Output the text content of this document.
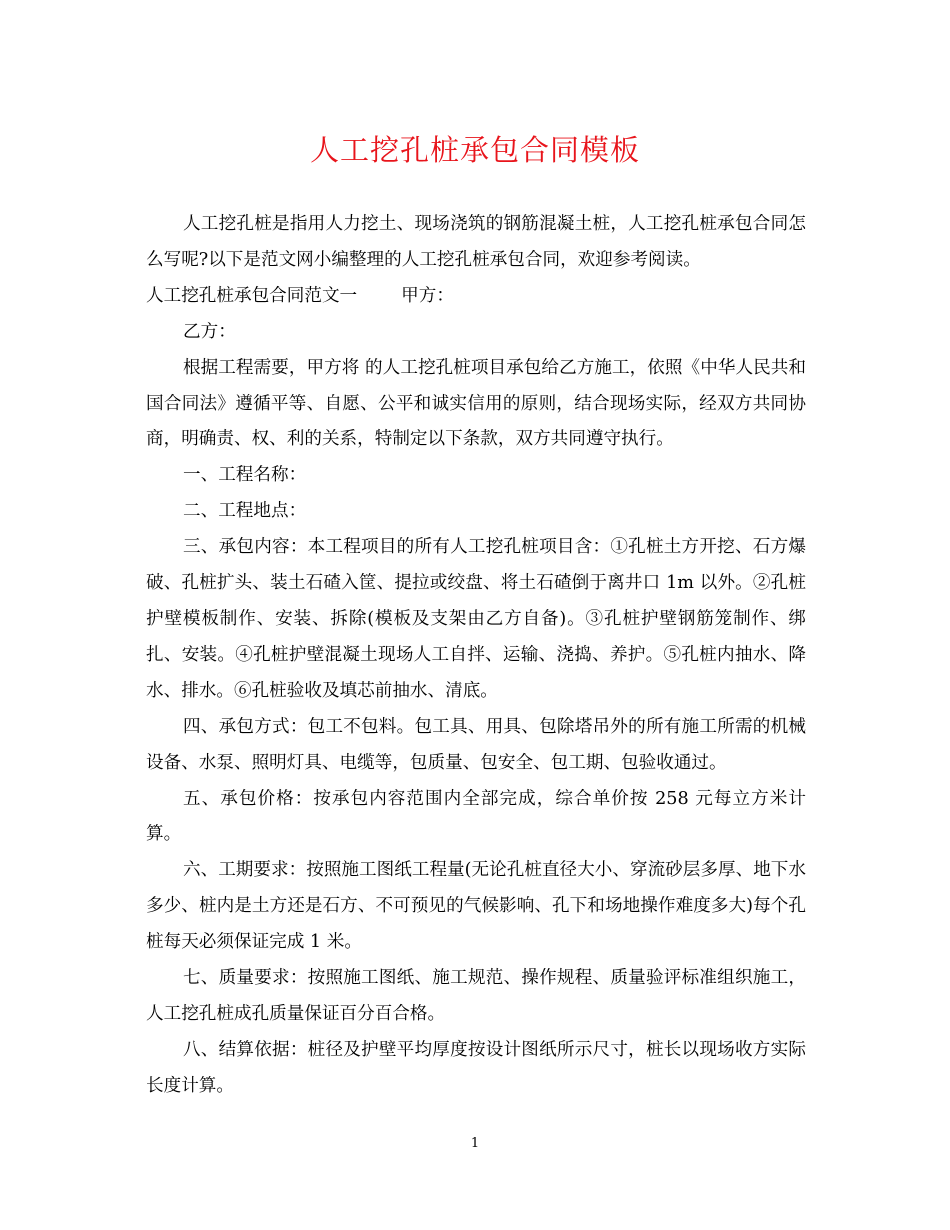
人工挖孔桩承包合同模板

人工挖孔桩是指用人力挖土、现场浇筑的钢筋混凝土桩，人工挖孔桩承包合同怎么写呢?以下是范文网小编整理的人工挖孔桩承包合同，欢迎参考阅读。

人工挖孔桩承包合同范文一	甲方：

乙方：

根据工程需要，甲方将 的人工挖孔桩项目承包给乙方施工，依照《中华人民共和国合同法》遵循平等、自愿、公平和诚实信用的原则，结合现场实际，经双方共同协商，明确责、权、利的关系，特制定以下条款，双方共同遵守执行。

一、工程名称：

二、工程地点：

三、承包内容：本工程项目的所有人工挖孔桩项目含：①孔桩土方开挖、石方爆破、孔桩扩头、装土石碴入筐、提拉或绞盘、将土石碴倒于离井口 1m 以外。②孔桩护壁模板制作、安装、拆除(模板及支架由乙方自备)。③孔桩护壁钢筋笼制作、绑扎、安装。④孔桩护壁混凝土现场人工自拌、运输、浇捣、养护。⑤孔桩内抽水、降水、排水。⑥孔桩验收及填芯前抽水、清底。

四、承包方式：包工不包料。包工具、用具、包除塔吊外的所有施工所需的机械设备、水泵、照明灯具、电缆等，包质量、包安全、包工期、包验收通过。

五、承包价格：按承包内容范围内全部完成，综合单价按 258 元每立方米计算。

六、工期要求：按照施工图纸工程量(无论孔桩直径大小、穿流砂层多厚、地下水多少、桩内是土方还是石方、不可预见的气候影响、孔下和场地操作难度多大)每个孔桩每天必须保证完成 1 米。

七、质量要求：按照施工图纸、施工规范、操作规程、质量验评标准组织施工，人工挖孔桩成孔质量保证百分百合格。

八、结算依据：桩径及护壁平均厚度按设计图纸所示尺寸，桩长以现场收方实际长度计算。

1
